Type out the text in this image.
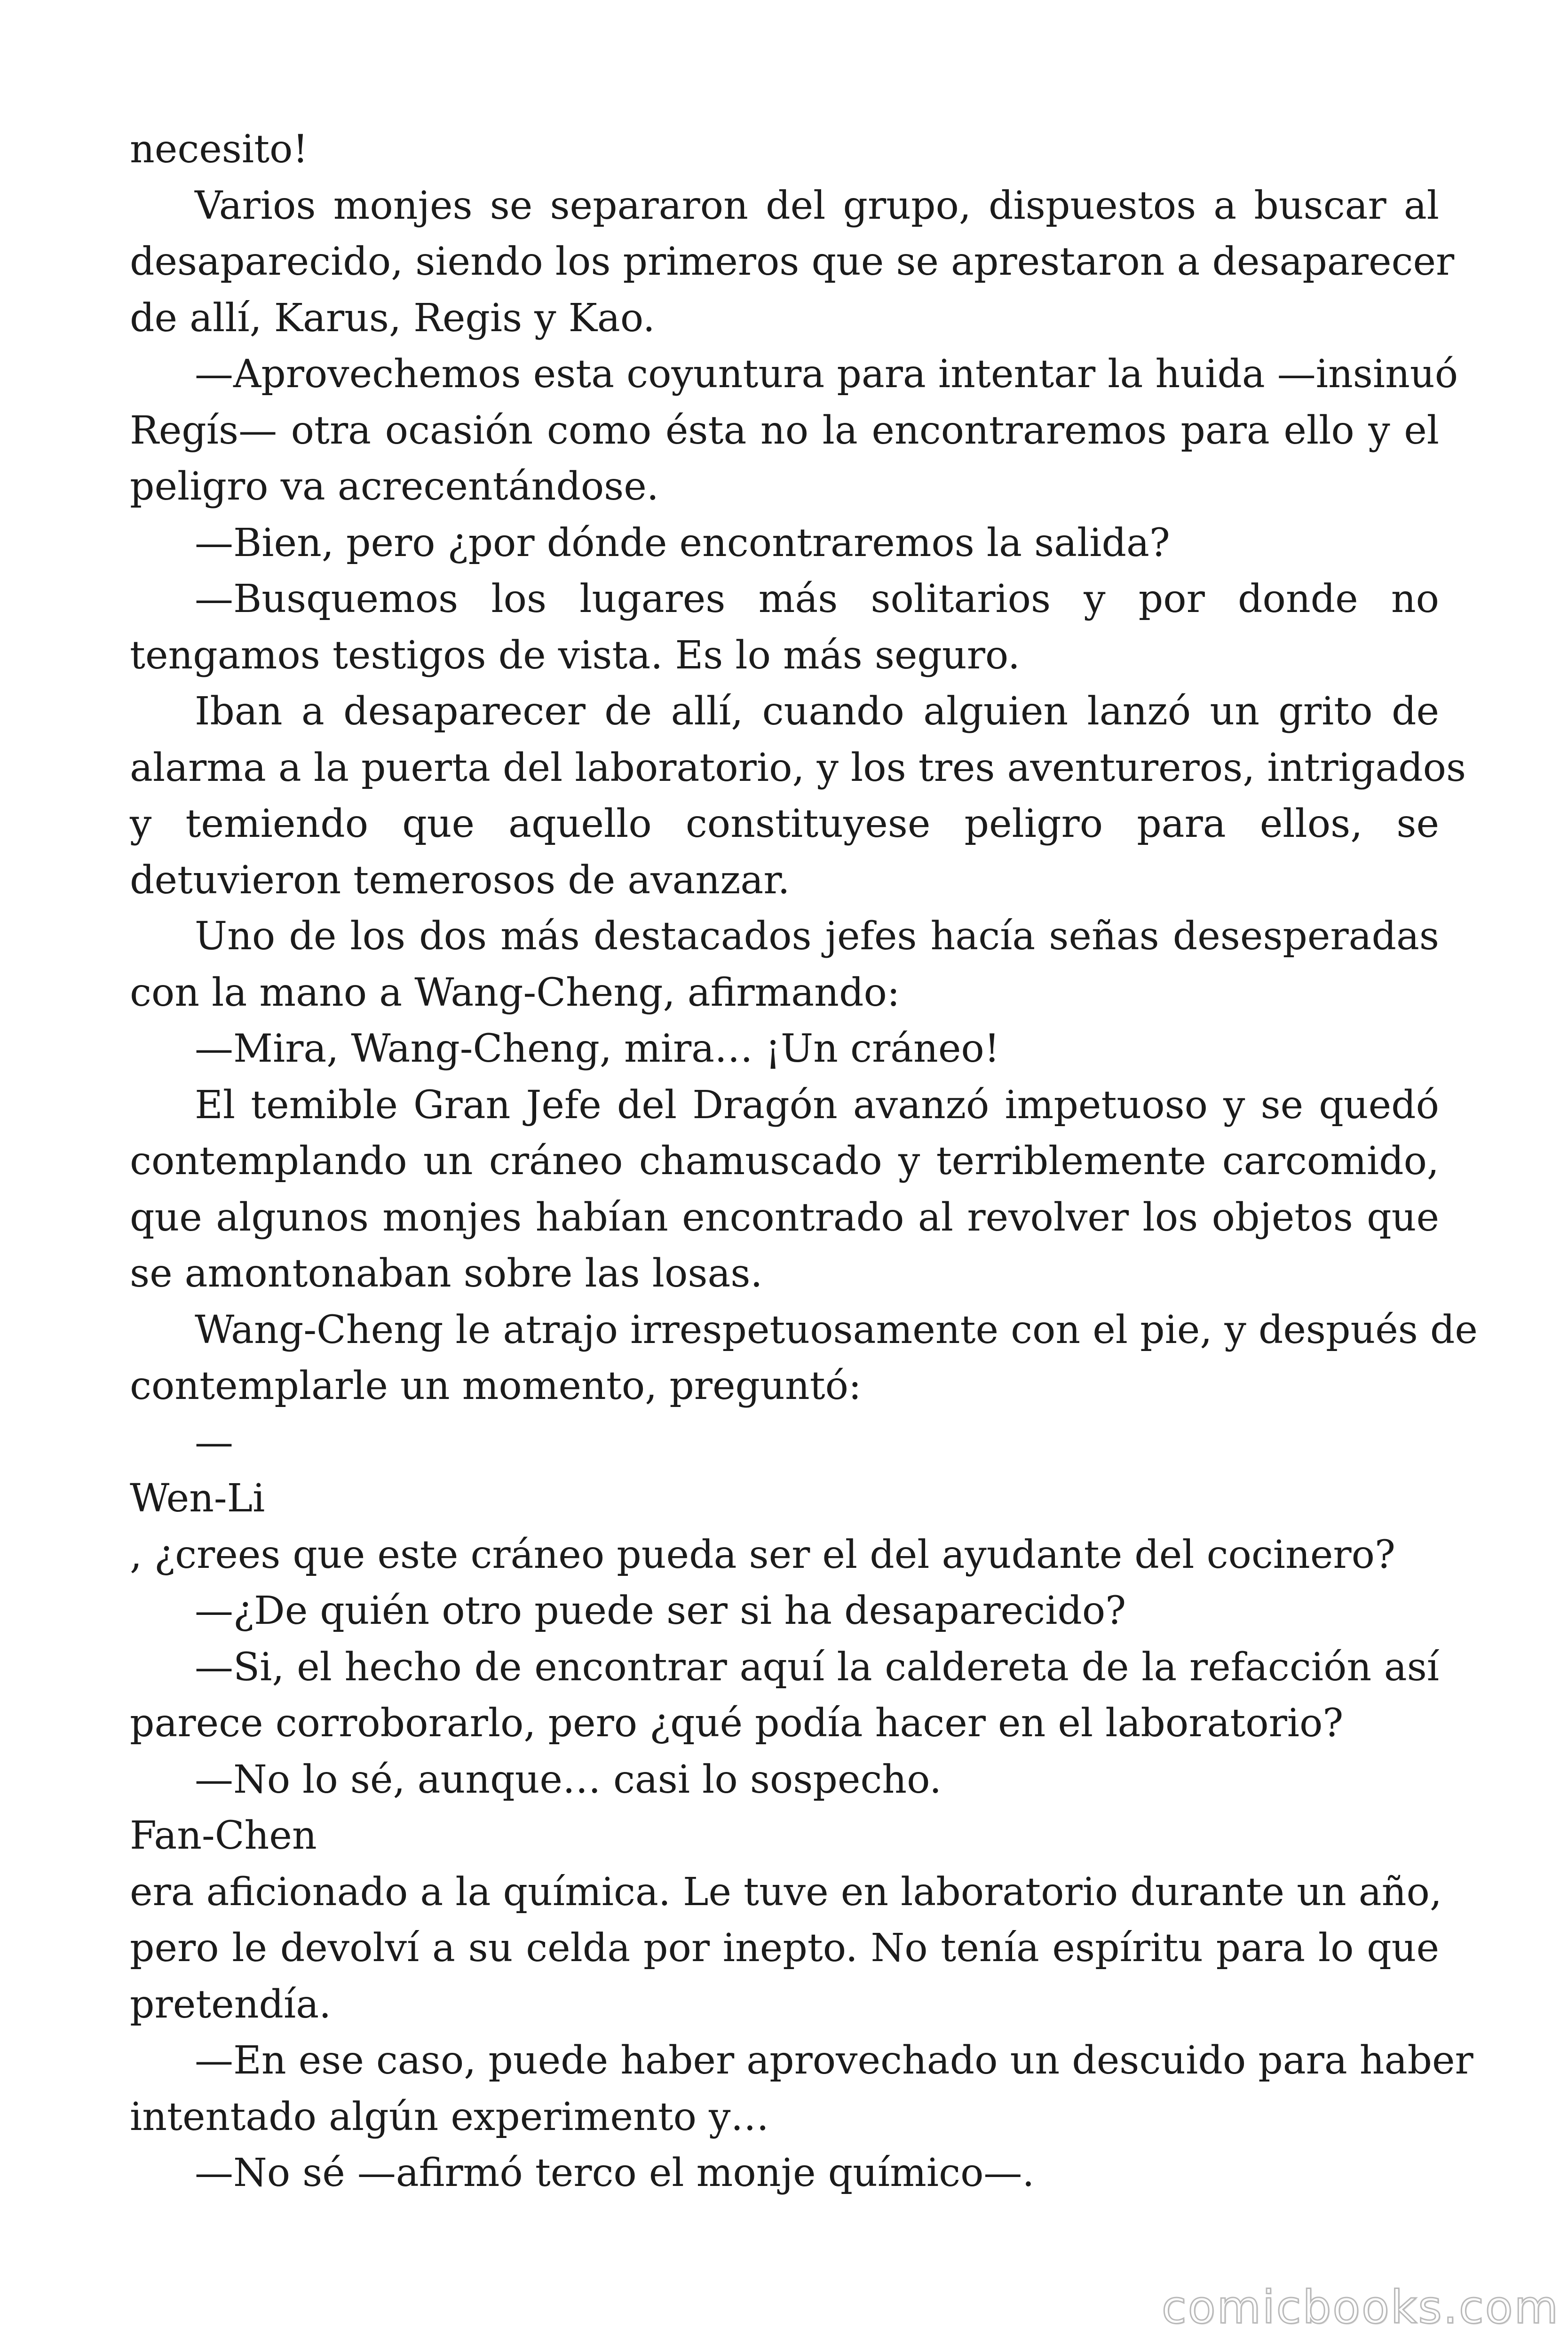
necesito!
Varios monjes se separaron del grupo, dispuestos a buscar al
desaparecido, siendo los primeros que se aprestaron a desaparecer
de allí, Karus, Regis y Kao.
—Aprovechemos esta coyuntura para intentar la huida —insinuó
Regís— otra ocasión como ésta no la encontraremos para ello y el
peligro va acrecentándose.
—Bien, pero ¿por dónde encontraremos la salida?
—Busquemos los lugares más solitarios y por donde no
tengamos testigos de vista. Es lo más seguro.
Iban a desaparecer de allí, cuando alguien lanzó un grito de
alarma a la puerta del laboratorio, y los tres aventureros, intrigados
y temiendo que aquello constituyese peligro para ellos, se
detuvieron temerosos de avanzar.
Uno de los dos más destacados jefes hacía señas desesperadas
con la mano a Wang-Cheng, afirmando:
—Mira, Wang-Cheng, mira… ¡Un cráneo!
El temible Gran Jefe del Dragón avanzó impetuoso y se quedó
contemplando un cráneo chamuscado y terriblemente carcomido,
que algunos monjes habían encontrado al revolver los objetos que
se amontonaban sobre las losas.
Wang-Cheng le atrajo irrespetuosamente con el pie, y después de
contemplarle un momento, preguntó:
—
Wen-Li
, ¿crees que este cráneo pueda ser el del ayudante del cocinero?
—¿De quién otro puede ser si ha desaparecido?
—Si, el hecho de encontrar aquí la caldereta de la refacción así
parece corroborarlo, pero ¿qué podía hacer en el laboratorio?
—No lo sé, aunque… casi lo sospecho.
Fan-Chen
era aficionado a la química. Le tuve en laboratorio durante un año,
pero le devolví a su celda por inepto. No tenía espíritu para lo que
pretendía.
—En ese caso, puede haber aprovechado un descuido para haber
intentado algún experimento y…
—No sé —afirmó terco el monje químico—.
comicbooks.com
